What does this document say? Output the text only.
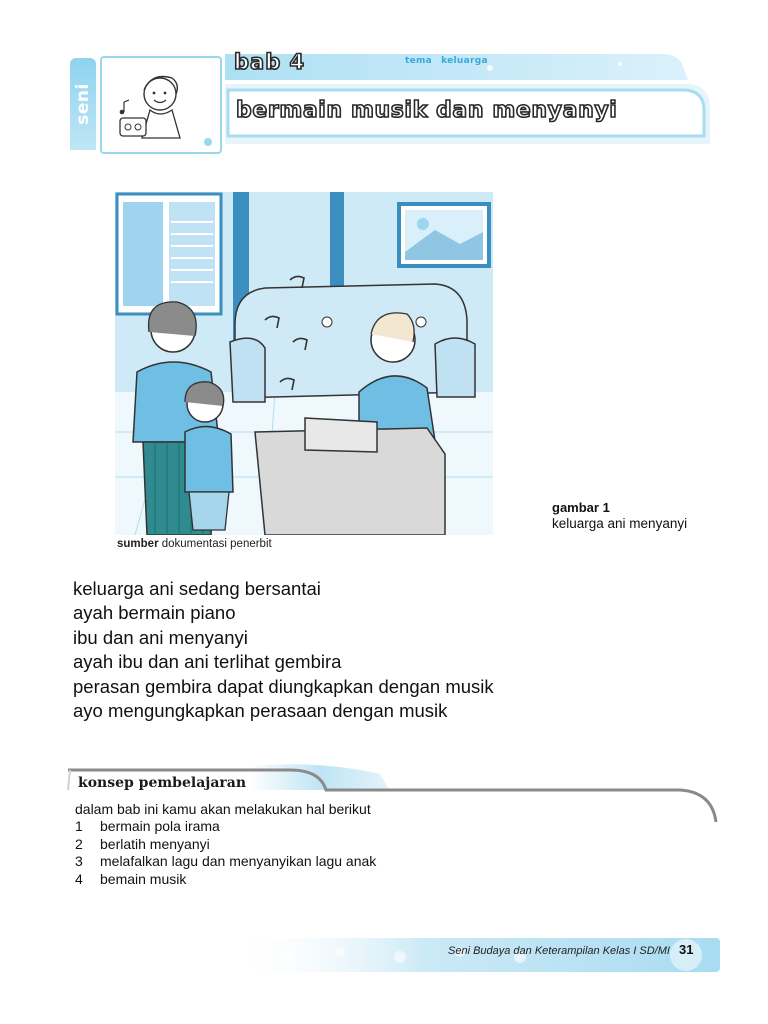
seni
bab 4	tema keluarga
bermain musik dan menyanyi
sumber dokumentasi penerbit
gambar 1
keluarga ani menyanyi
keluarga ani sedang bersantai
ayah bermain piano
ibu dan ani menyanyi
ayah ibu dan ani terlihat gembira
perasan gembira dapat diungkapkan dengan musik
ayo mengungkapkan perasaan dengan musik
konsep pembelajaran
dalam bab ini kamu akan melakukan hal berikut
1 bermain pola irama
2 berlatih menyanyi
3 melafalkan lagu dan menyanyikan lagu anak
4 bemain musik
Seni Budaya dan Keterampilan Kelas I SD/MI 31
